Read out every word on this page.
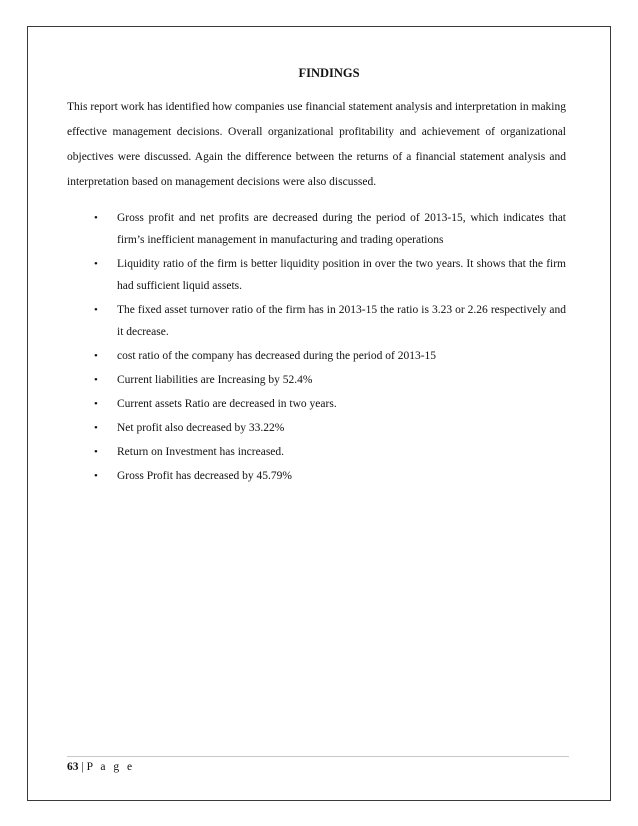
FINDINGS

This report work has identified how companies use financial statement analysis and interpretation in making effective management decisions. Overall organizational profitability and achievement of organizational objectives were discussed. Again the difference between the returns of a financial statement analysis and interpretation based on management decisions were also discussed.

• Gross profit and net profits are decreased during the period of 2013-15, which indicates that firm’s inefficient management in manufacturing and trading operations
• Liquidity ratio of the firm is better liquidity position in over the two years. It shows that the firm had sufficient liquid assets.
• The fixed asset turnover ratio of the firm has in 2013-15 the ratio is 3.23 or 2.26 respectively and it decrease.
• cost ratio of the company has decreased during the period of 2013-15
• Current liabilities are Increasing by 52.4%
• Current assets Ratio are decreased in two years.
• Net profit also decreased by 33.22%
• Return on Investment has increased.
• Gross Profit has decreased by 45.79%
63 | P a g e
